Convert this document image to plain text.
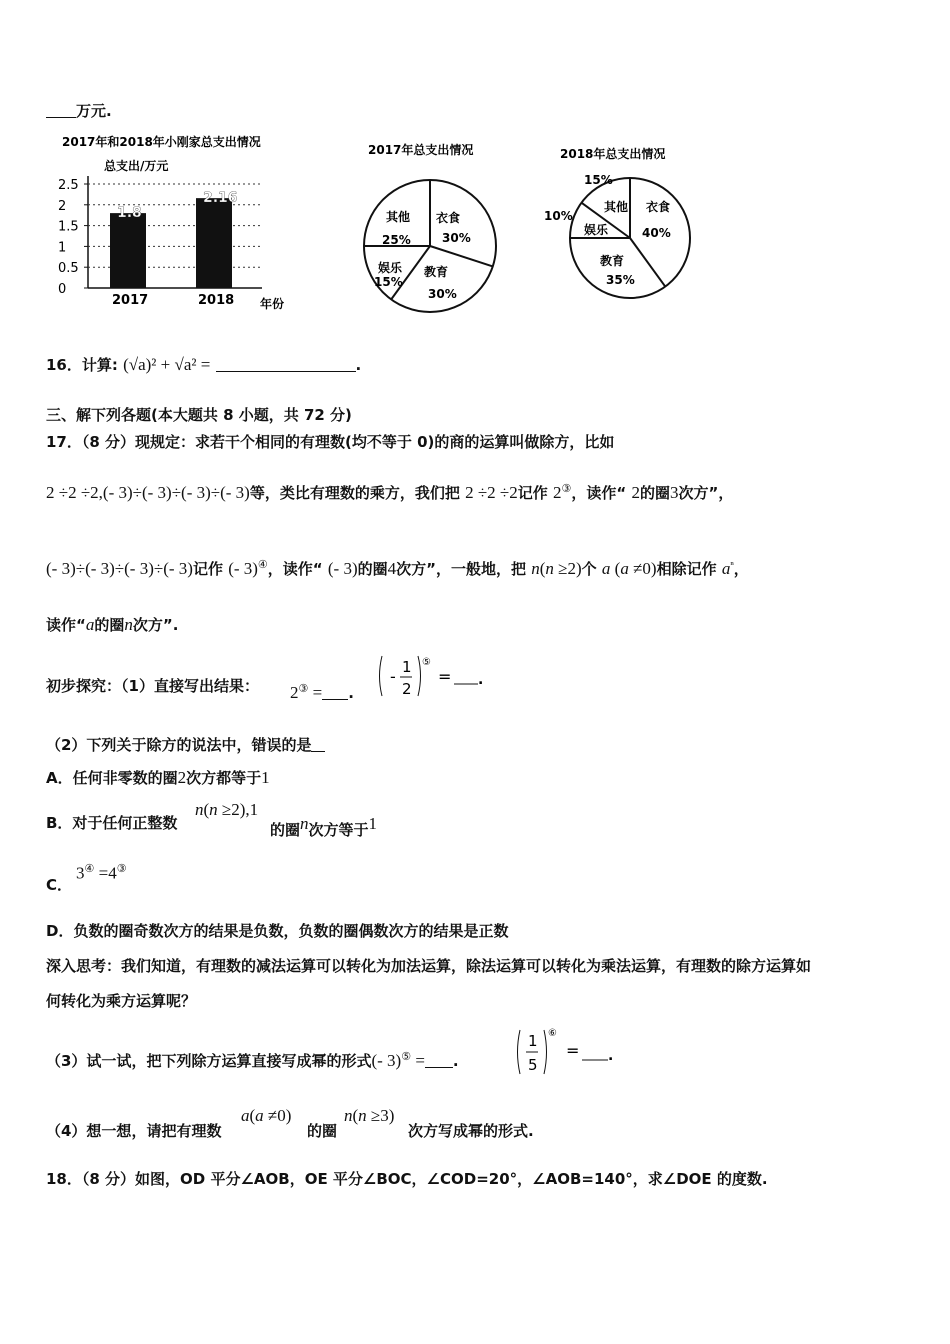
万元.
2017年和2018年小刚家总支出情况
总支出/万元
2.5
2
1.5
1
0.5
0
1.8
2017
2.16
2018 年份
2017年总支出情况
衣食
30%
教育
30%
娱乐
15%
其他
25%
2018年总支出情况
衣食
40%
教育
35%
娱乐
10%
其他
15%
16．计算: (√a)² + √a² =	.
三、解下列各题(本大题共 8 小题，共 72 分)
17．（8 分）现规定：求若干个相同的有理数(均不等于 0)的商的运算叫做除方，比如
2 ÷2 ÷2,(- 3)÷(- 3)÷(- 3)÷(- 3)等，类比有理数的乘方，我们把 2 ÷2 ÷2记作 2③，读作“ 2的圈3次方”，
(- 3)÷(- 3)÷(- 3)÷(- 3)记作 (- 3)④，读作“ (- 3)的圈4次方”，一般地，把 n(n ≥2)个 a (a ≠0)相除记作 $a^{^n}$，
读作“a的圈n次方”.
初步探究：（1）直接写出结果： 2③ = .
- 1
2
⑤
= .
（2）下列关于除方的说法中，错误的是
A．任何非零数的圈2次方都等于1
B．对于任何正整数
n(n ≥2),1
的圈n次方等于1
C．
3④ =4③
D．负数的圈奇数次方的结果是负数，负数的圈偶数次方的结果是正数
深入思考：我们知道，有理数的减法运算可以转化为加法运算，除法运算可以转化为乘法运算，有理数的除方运算如
何转化为乘方运算呢？
（3）试一试，把下列除方运算直接写成幂的形式(- 3)⑤ = .
1
5
⑥
= .
（4）想一想，请把有理数
a(a ≠0)
的圈
n(n ≥3)
次方写成幂的形式.
18．（8 分）如图，OD 平分∠AOB，OE 平分∠BOC，∠COD=20°，∠AOB=140°，求∠DOE 的度数.
